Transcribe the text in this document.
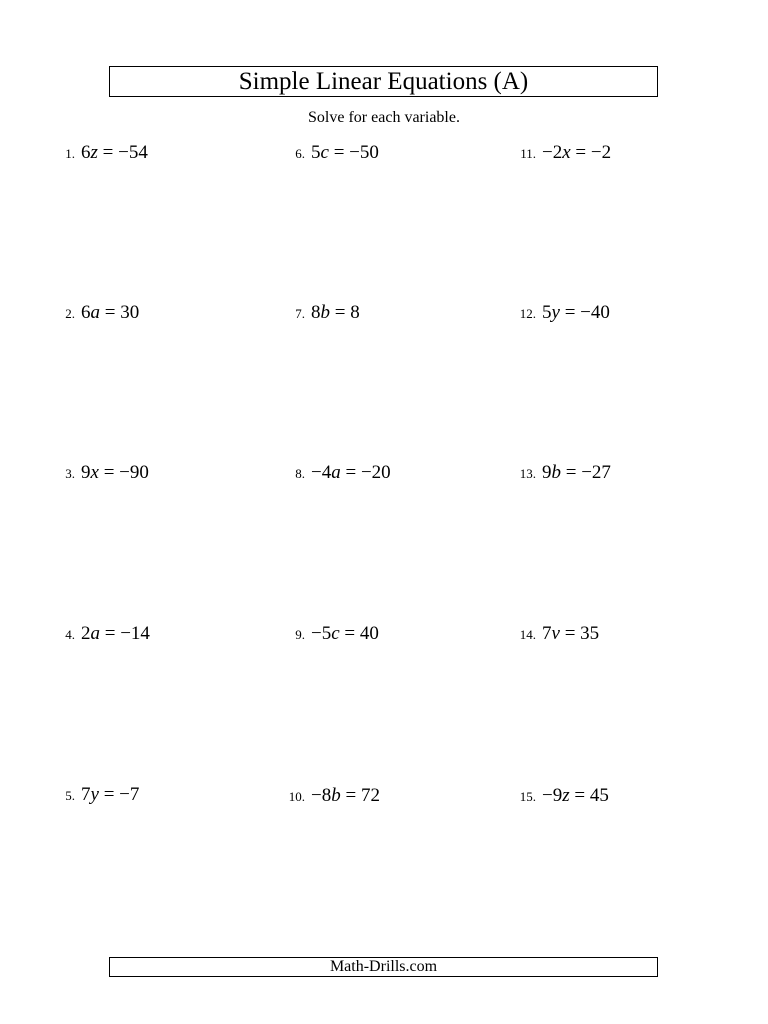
Simple Linear Equations (A)
Solve for each variable.
1. 6z = −54
2. 6a = 30
3. 9x = −90
4. 2a = −14
5. 7y = −7
6. 5c = −50
7. 8b = 8
8. −4a = −20
9. −5c = 40
10. −8b = 72
11. −2x = −2
12. 5y = −40
13. 9b = −27
14. 7v = 35
15. −9z = 45
Math-Drills.com
